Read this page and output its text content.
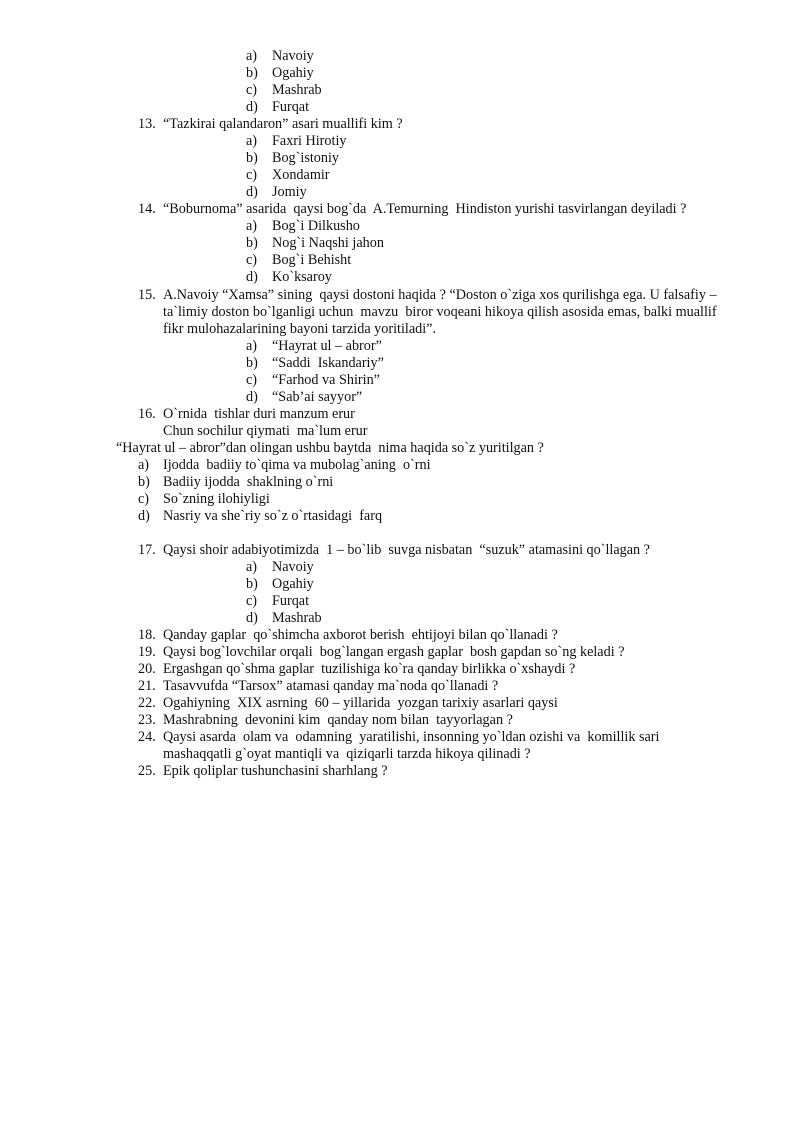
a) Navoiy
b) Ogahiy
c) Mashrab
d) Furqat
13. “Tazkirai qalandaron” asari muallifi kim ?
a) Faxri Hirotiy
b) Bog`istoniy
c) Xondamir
d) Jomiy
14. “Boburnoma” asarida  qaysi bog`da  A.Temurning  Hindiston yurishi tasvirlangan deyiladi ?
a) Bog`i Dilkusho
b) Nog`i Naqshi jahon
c) Bog`i Behisht
d) Ko`ksaroy
15. A.Navoiy “Xamsa” sining  qaysi dostoni haqida ? “Doston o`ziga xos qurilishga ega. U falsafiy –
ta`limiy doston bo`lganligi uchun  mavzu  biror voqeani hikoya qilish asosida emas, balki muallif
fikr mulohazalarining bayoni tarzida yoritiladi”.
a) “Hayrat ul – abror”
b) “Saddi  Iskandariy”
c) “Farhod va Shirin”
d) “Sab’ai sayyor”
16. O`rnida  tishlar duri manzum erur
Chun sochilur qiymati  ma`lum erur
“Hayrat ul – abror”dan olingan ushbu baytda  nima haqida so`z yuritilgan ?
a) Ijodda  badiiy to`qima va mubolag`aning  o`rni
b) Badiiy ijodda  shaklning o`rni
c) So`zning ilohiyligi
d) Nasriy va she`riy so`z o`rtasidagi  farq
17. Qaysi shoir adabiyotimizda  1 – bo`lib  suvga nisbatan  “suzuk” atamasini qo`llagan ?
a) Navoiy
b) Ogahiy
c) Furqat
d) Mashrab
18. Qanday gaplar  qo`shimcha axborot berish  ehtijoyi bilan qo`llanadi ?
19. Qaysi bog`lovchilar orqali  bog`langan ergash gaplar  bosh gapdan so`ng keladi ?
20. Ergashgan qo`shma gaplar  tuzilishiga ko`ra qanday birlikka o`xshaydi ?
21. Tasavvufda “Tarsox” atamasi qanday ma`noda qo`llanadi ?
22. Ogahiyning  XIX asrning  60 – yillarida  yozgan tarixiy asarlari qaysi
23. Mashrabning  devonini kim  qanday nom bilan  tayyorlagan ?
24. Qaysi asarda  olam va  odamning  yaratilishi, insonning yo`ldan ozishi va  komillik sari
mashaqqatli g`oyat mantiqli va  qiziqarli tarzda hikoya qilinadi ?
25. Epik qoliplar tushunchasini sharhlang ?
